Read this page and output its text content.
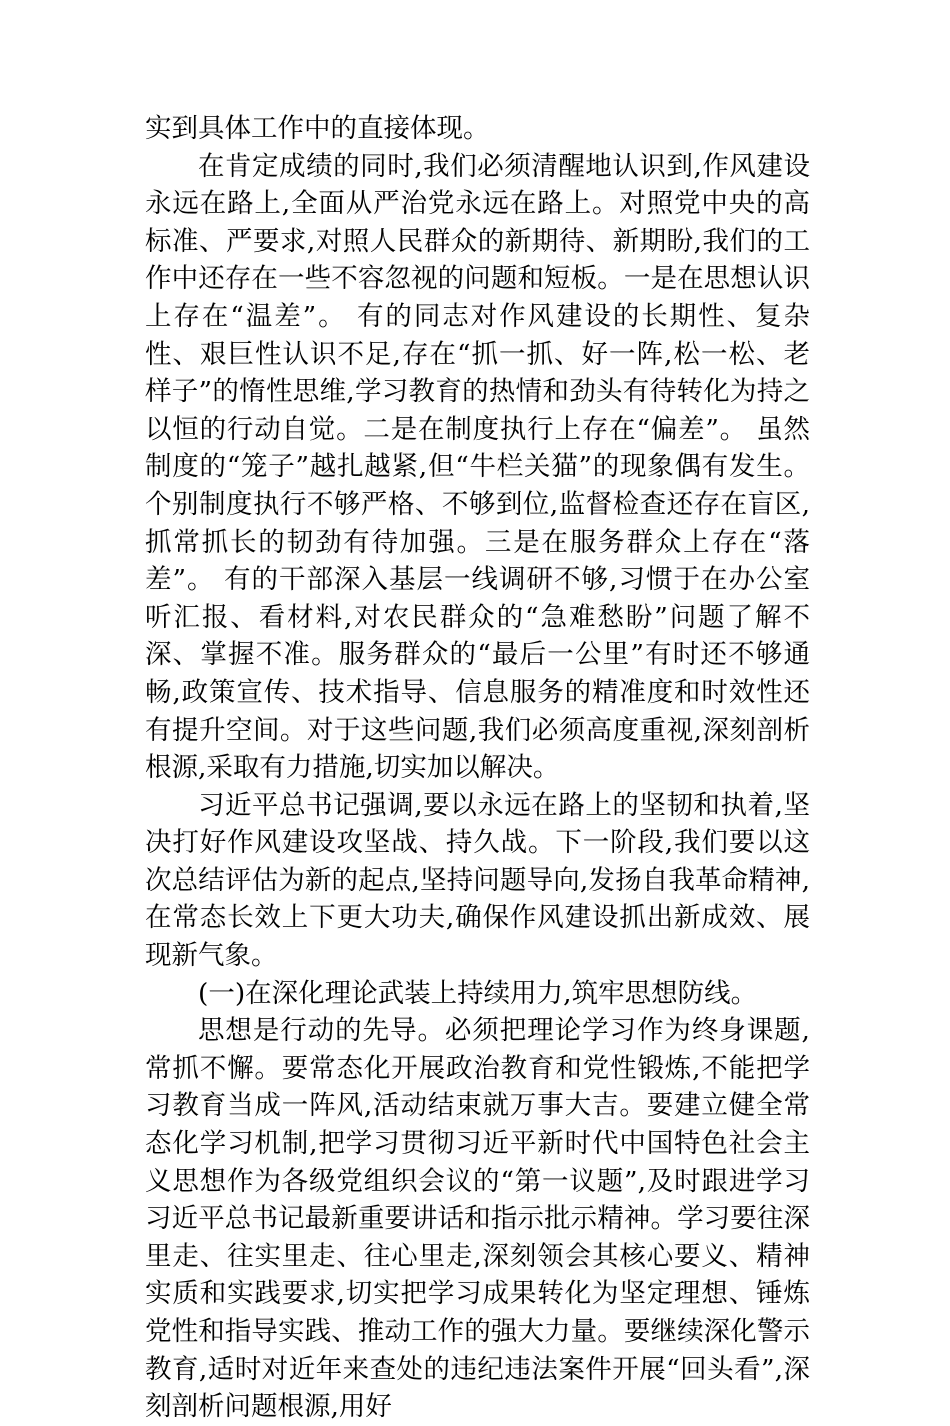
实到具体工作中的直接体现。

在肯定成绩的同时,我们必须清醒地认识到,作风建设永远在路上,全面从严治党永远在路上。对照党中央的高标准、严要求,对照人民群众的新期待、新期盼,我们的工作中还存在一些不容忽视的问题和短板。一是在思想认识上存在“温差”。 有的同志对作风建设的长期性、复杂性、艰巨性认识不足,存在“抓一抓、好一阵,松一松、老样子”的惰性思维,学习教育的热情和劲头有待转化为持之以恒的行动自觉。二是在制度执行上存在“偏差”。 虽然制度的“笼子”越扎越紧,但“牛栏关猫”的现象偶有发生。个别制度执行不够严格、不够到位,监督检查还存在盲区,抓常抓长的韧劲有待加强。三是在服务群众上存在“落差”。 有的干部深入基层一线调研不够,习惯于在办公室听汇报、看材料,对农民群众的“急难愁盼”问题了解不深、掌握不准。服务群众的“最后一公里”有时还不够通畅,政策宣传、技术指导、信息服务的精准度和时效性还有提升空间。对于这些问题,我们必须高度重视,深刻剖析根源,采取有力措施,切实加以解决。

习近平总书记强调,要以永远在路上的坚韧和执着,坚决打好作风建设攻坚战、持久战。下一阶段,我们要以这次总结评估为新的起点,坚持问题导向,发扬自我革命精神,在常态长效上下更大功夫,确保作风建设抓出新成效、展现新气象。

(一)在深化理论武装上持续用力,筑牢思想防线。

思想是行动的先导。必须把理论学习作为终身课题,常抓不懈。要常态化开展政治教育和党性锻炼,不能把学习教育当成一阵风,活动结束就万事大吉。要建立健全常态化学习机制,把学习贯彻习近平新时代中国特色社会主义思想作为各级党组织会议的“第一议题”,及时跟进学习习近平总书记最新重要讲话和指示批示精神。学习要往深里走、往实里走、往心里走,深刻领会其核心要义、精神实质和实践要求,切实把学习成果转化为坚定理想、锤炼党性和指导实践、推动工作的强大力量。要继续深化警示教育,适时对近年来查处的违纪违法案件开展“回头看”,深刻剖析问题根源,用好
